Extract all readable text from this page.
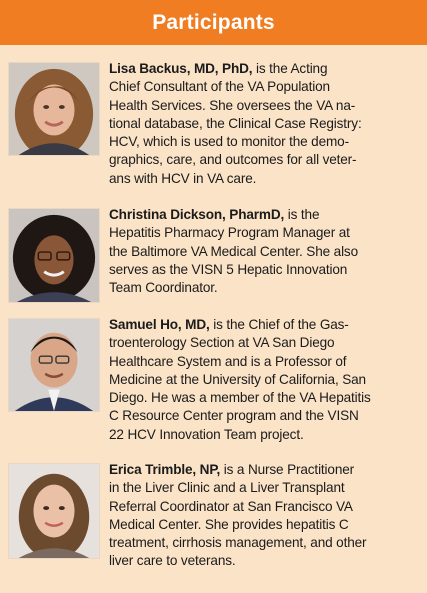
Participants
Lisa Backus, MD, PhD, is the Acting
Chief Consultant of the VA Population
Health Services. She oversees the VA na-
tional database, the Clinical Case Registry:
HCV, which is used to monitor the demo-
graphics, care, and outcomes for all veter-
ans with HCV in VA care.
Christina Dickson, PharmD, is the
Hepatitis Pharmacy Program Manager at
the Baltimore VA Medical Center. She also
serves as the VISN 5 Hepatic Innovation
Team Coordinator.
Samuel Ho, MD, is the Chief of the Gas-
troenterology Section at VA San Diego
Healthcare System and is a Professor of
Medicine at the University of California, San
Diego. He was a member of the VA Hepatitis
C Resource Center program and the VISN
22 HCV Innovation Team project.
Erica Trimble, NP, is a Nurse Practitioner
in the Liver Clinic and a Liver Transplant
Referral Coordinator at San Francisco VA
Medical Center. She provides hepatitis C
treatment, cirrhosis management, and other
liver care to veterans.
